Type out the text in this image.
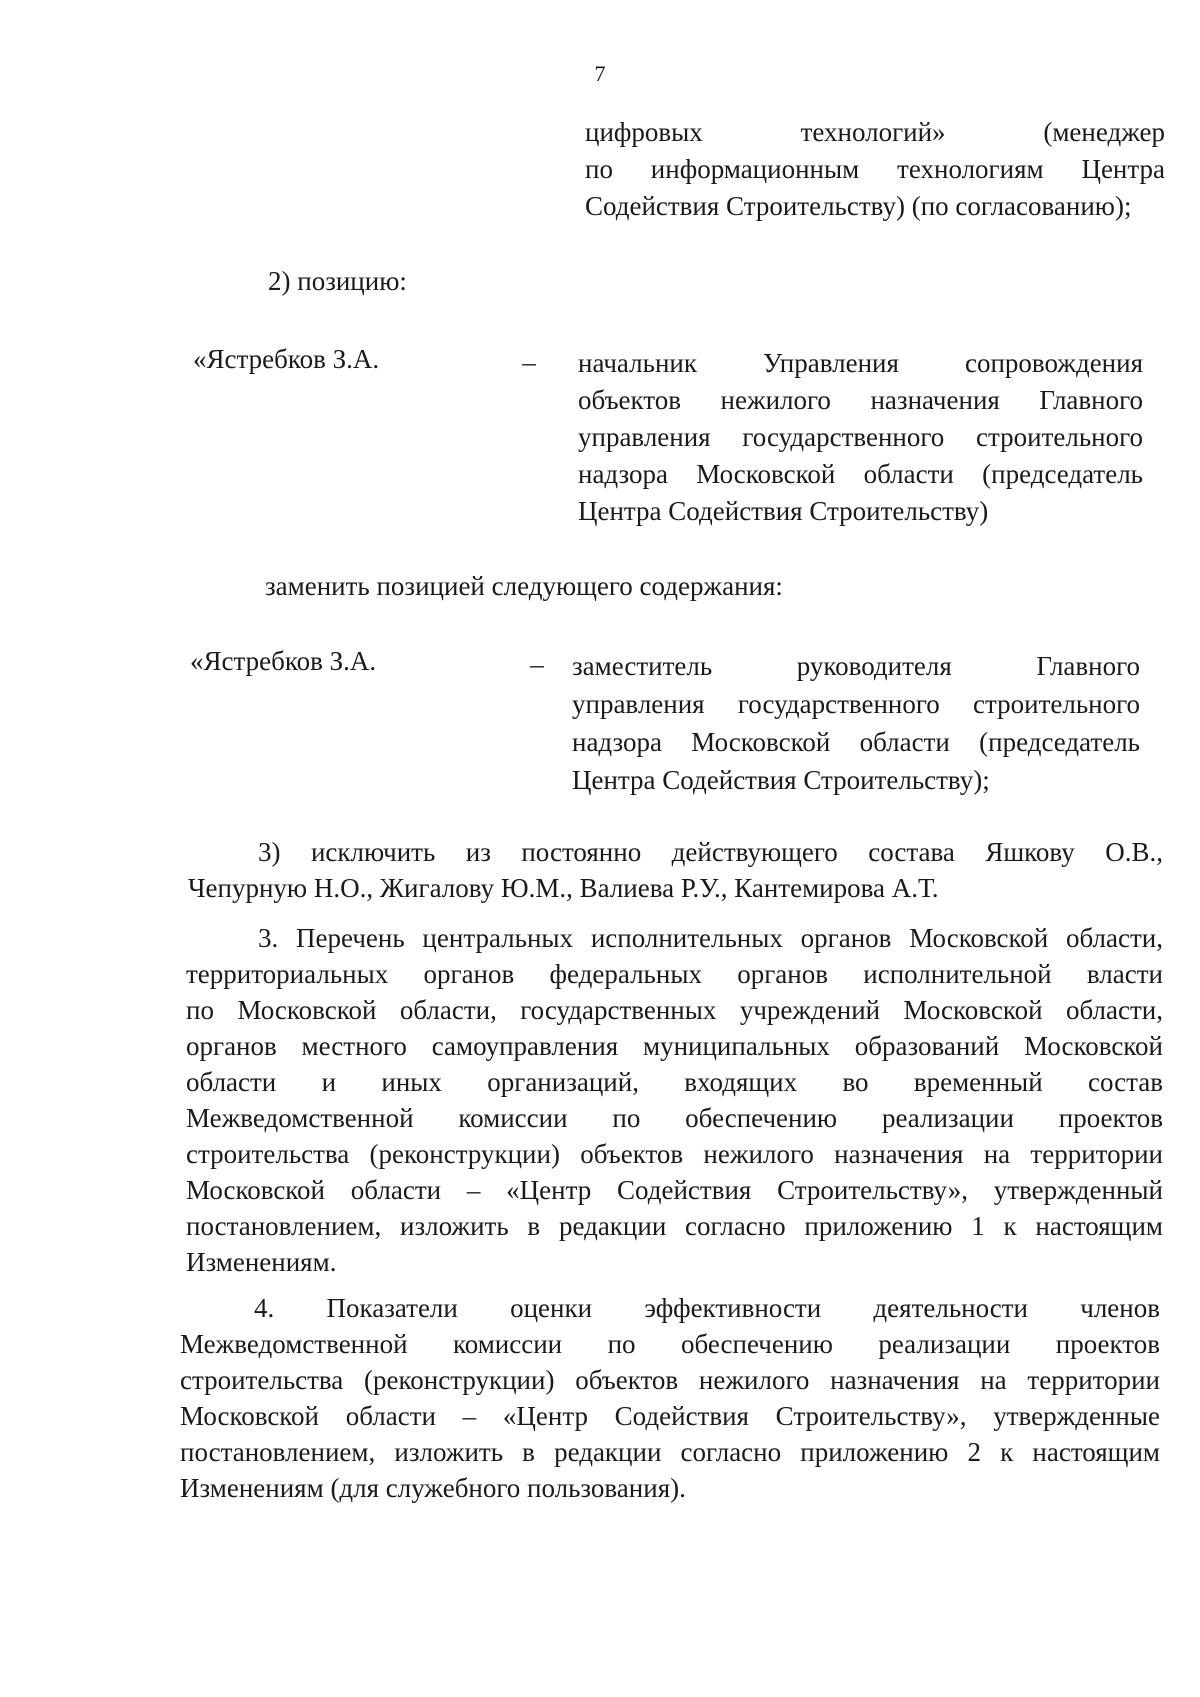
7
цифровых технологий» (менеджер
по информационным технологиям Центра
Содействия Строительству) (по согласованию);
2) позицию:
«Ястребков З.А.	–	начальник Управления сопровождения
объектов нежилого назначения Главного
управления государственного строительного
надзора Московской области (председатель
Центра Содействия Строительству)
заменить позицией следующего содержания:
«Ястребков З.А.	–	заместитель руководителя Главного
управления государственного строительного
надзора Московской области (председатель
Центра Содействия Строительству);
3) исключить из постоянно действующего состава Яшкову О.В.,
Чепурную Н.О., Жигалову Ю.М., Валиева Р.У., Кантемирова А.Т.
3. Перечень центральных исполнительных органов Московской области,
территориальных органов федеральных органов исполнительной власти
по Московской области, государственных учреждений Московской области,
органов местного самоуправления муниципальных образований Московской
области и иных организаций, входящих во временный состав
Межведомственной комиссии по обеспечению реализации проектов
строительства (реконструкции) объектов нежилого назначения на территории
Московской области – «Центр Содействия Строительству», утвержденный
постановлением, изложить в редакции согласно приложению 1 к настоящим
Изменениям.
4. Показатели оценки эффективности деятельности членов
Межведомственной комиссии по обеспечению реализации проектов
строительства (реконструкции) объектов нежилого назначения на территории
Московской области – «Центр Содействия Строительству», утвержденные
постановлением, изложить в редакции согласно приложению 2 к настоящим
Изменениям (для служебного пользования).
